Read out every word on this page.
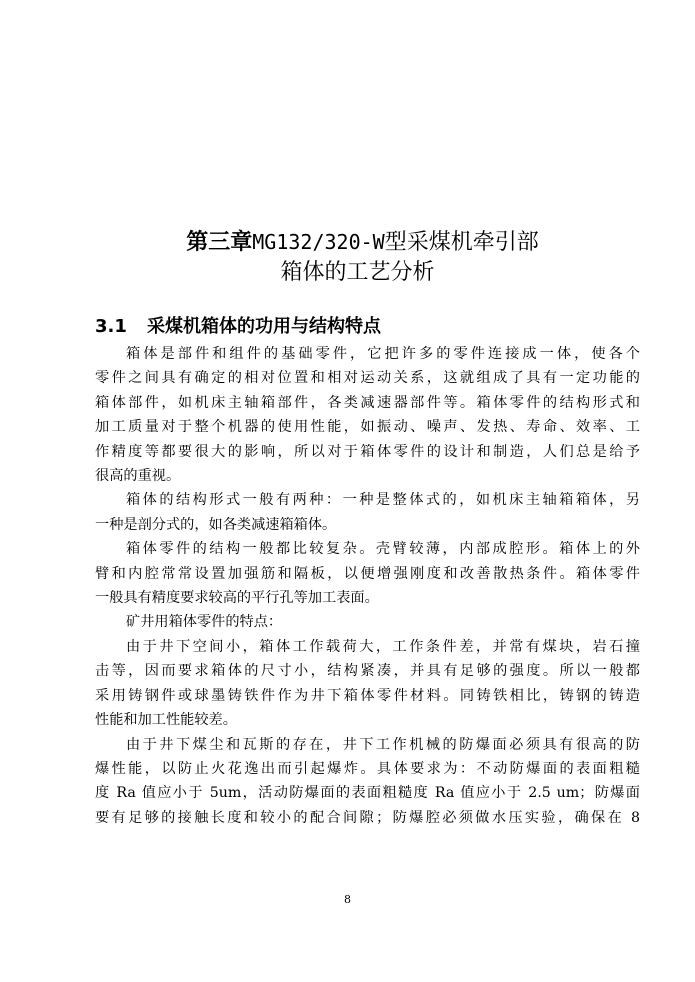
第三章MG132/320-W型采煤机牵引部
箱体的工艺分析
3.1 采煤机箱体的功用与结构特点
箱体是部件和组件的基础零件，它把许多的零件连接成一体，使各个
零件之间具有确定的相对位置和相对运动关系，这就组成了具有一定功能的
箱体部件，如机床主轴箱部件，各类减速器部件等。箱体零件的结构形式和
加工质量对于整个机器的使用性能，如振动、噪声、发热、寿命、效率、工
作精度等都要很大的影响，所以对于箱体零件的设计和制造，人们总是给予
很高的重视。
箱体的结构形式一般有两种：一种是整体式的，如机床主轴箱箱体，另
一种是剖分式的，如各类减速箱箱体。
箱体零件的结构一般都比较复杂。壳臂较薄，内部成腔形。箱体上的外
臂和内腔常常设置加强筋和隔板，以便增强刚度和改善散热条件。箱体零件
一般具有精度要求较高的平行孔等加工表面。
矿井用箱体零件的特点：
由于井下空间小，箱体工作载荷大，工作条件差，并常有煤块，岩石撞
击等，因而要求箱体的尺寸小，结构紧凑，并具有足够的强度。所以一般都
采用铸钢件或球墨铸铁件作为井下箱体零件材料。同铸铁相比，铸钢的铸造
性能和加工性能较差。
由于井下煤尘和瓦斯的存在，井下工作机械的防爆面必须具有很高的防
爆性能，以防止火花逸出而引起爆炸。具体要求为：不动防爆面的表面粗糙
度 Ra 值应小于 5um，活动防爆面的表面粗糙度 Ra 值应小于 2.5 um；防爆面
要有足够的接触长度和较小的配合间隙；防爆腔必须做水压实验，确保在 8
8
